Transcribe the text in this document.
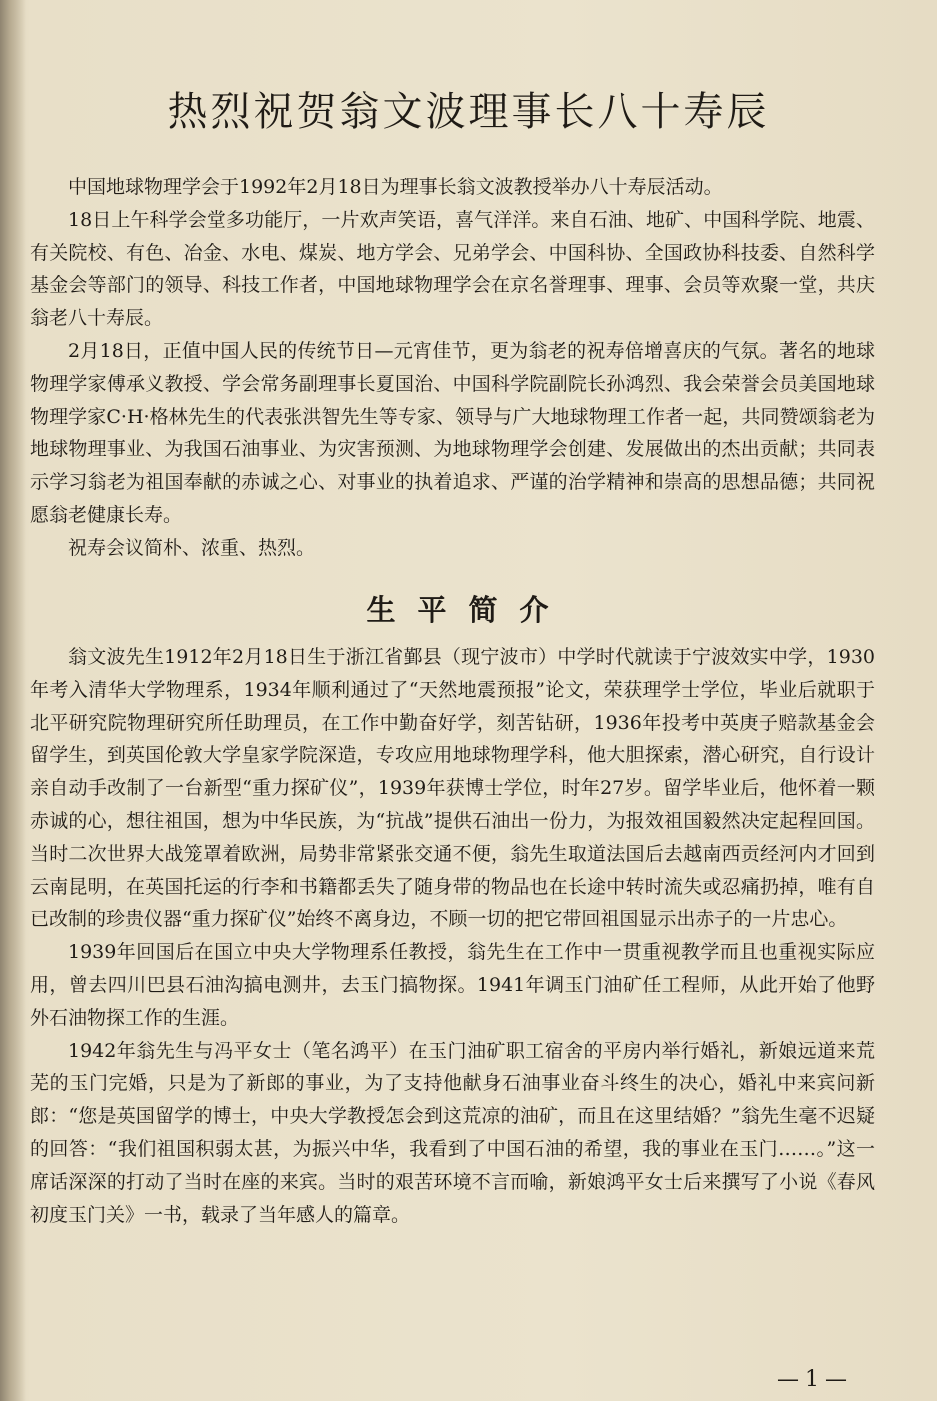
热烈祝贺翁文波理事长八十寿辰

中国地球物理学会于1992年2月18日为理事长翁文波教授举办八十寿辰活动。

18日上午科学会堂多功能厅，一片欢声笑语，喜气洋洋。来自石油、地矿、中国科学院、地震、有关院校、有色、冶金、水电、煤炭、地方学会、兄弟学会、中国科协、全国政协科技委、自然科学基金会等部门的领导、科技工作者，中国地球物理学会在京名誉理事、理事、会员等欢聚一堂，共庆翁老八十寿辰。

2月18日，正值中国人民的传统节日—元宵佳节，更为翁老的祝寿倍增喜庆的气氛。著名的地球物理学家傅承义教授、学会常务副理事长夏国治、中国科学院副院长孙鸿烈、我会荣誉会员美国地球物理学家C·H·格林先生的代表张洪智先生等专家、领导与广大地球物理工作者一起，共同赞颂翁老为地球物理事业、为我国石油事业、为灾害预测、为地球物理学会创建、发展做出的杰出贡献；共同表示学习翁老为祖国奉献的赤诚之心、对事业的执着追求、严谨的治学精神和崇高的思想品德；共同祝愿翁老健康长寿。

祝寿会议简朴、浓重、热烈。

生平简介

翁文波先生1912年2月18日生于浙江省鄞县（现宁波市）中学时代就读于宁波效实中学，1930年考入清华大学物理系，1934年顺利通过了“天然地震预报”论文，荣获理学士学位，毕业后就职于北平研究院物理研究所任助理员，在工作中勤奋好学，刻苦钻研，1936年投考中英庚子赔款基金会留学生，到英国伦敦大学皇家学院深造，专攻应用地球物理学科，他大胆探索，潜心研究，自行设计亲自动手改制了一台新型“重力探矿仪”，1939年获博士学位，时年27岁。留学毕业后，他怀着一颗赤诚的心，想往祖国，想为中华民族，为“抗战”提供石油出一份力，为报效祖国毅然决定起程回国。当时二次世界大战笼罩着欧洲，局势非常紧张交通不便，翁先生取道法国后去越南西贡经河内才回到云南昆明，在英国托运的行李和书籍都丢失了随身带的物品也在长途中转时流失或忍痛扔掉，唯有自已改制的珍贵仪器“重力探矿仪”始终不离身边，不顾一切的把它带回祖国显示出赤子的一片忠心。

1939年回国后在国立中央大学物理系任教授，翁先生在工作中一贯重视教学而且也重视实际应用，曾去四川巴县石油沟搞电测井，去玉门搞物探。1941年调玉门油矿任工程师，从此开始了他野外石油物探工作的生涯。

1942年翁先生与冯平女士（笔名鸿平）在玉门油矿职工宿舍的平房内举行婚礼，新娘远道来荒芜的玉门完婚，只是为了新郎的事业，为了支持他献身石油事业奋斗终生的决心，婚礼中来宾问新郎：“您是英国留学的博士，中央大学教授怎会到这荒凉的油矿，而且在这里结婚？”翁先生毫不迟疑的回答：“我们祖国积弱太甚，为振兴中华，我看到了中国石油的希望，我的事业在玉门……。”这一席话深深的打动了当时在座的来宾。当时的艰苦环境不言而喻，新娘鸿平女士后来撰写了小说《春风初度玉门关》一书，载录了当年感人的篇章。

—1—
